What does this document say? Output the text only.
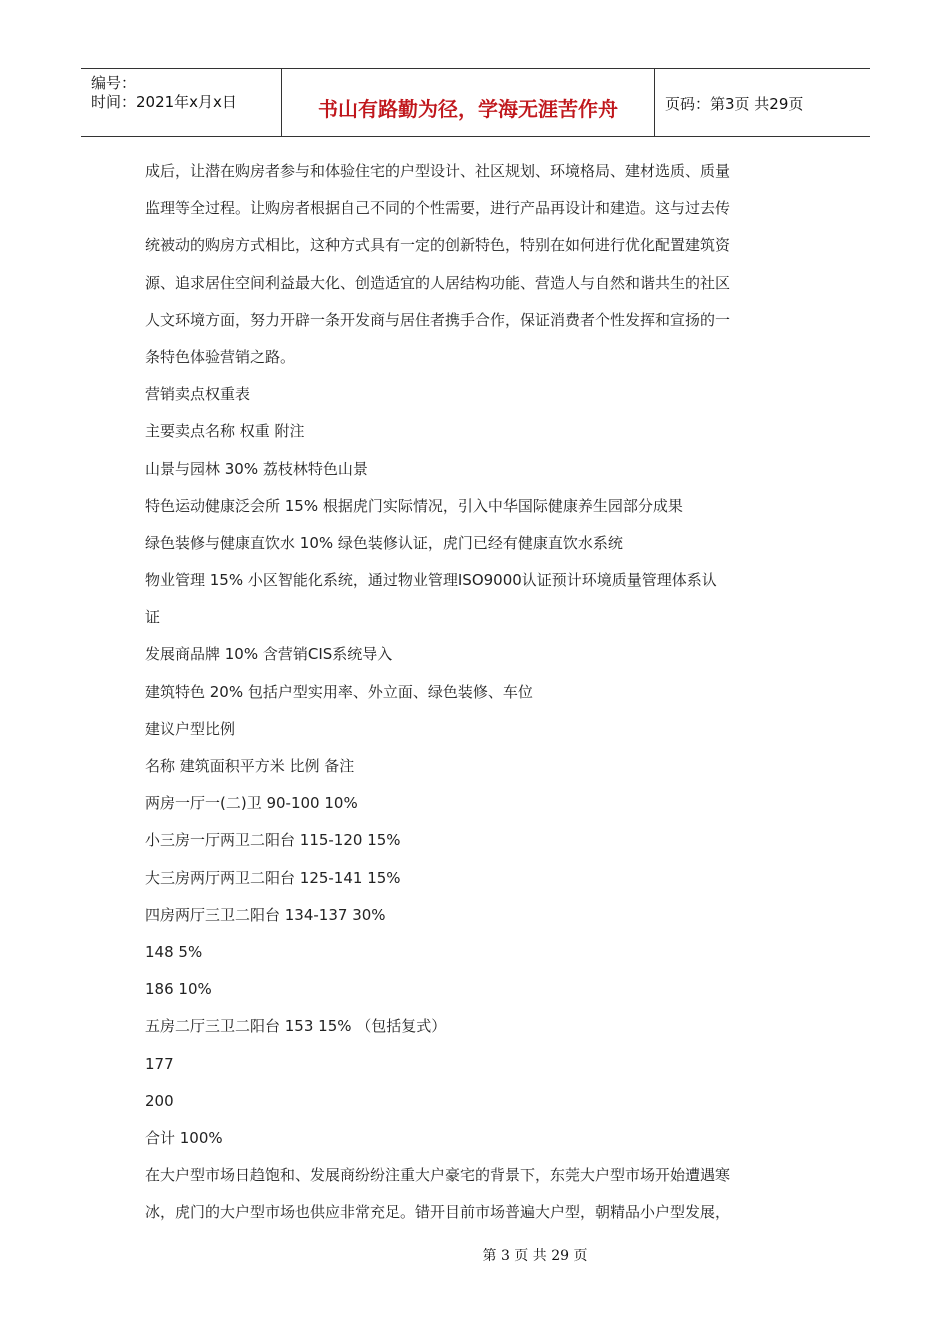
编号：
时间：2021年x月x日	书山有路勤为径，学海无涯苦作舟	页码：第3页 共29页
成后，让潜在购房者参与和体验住宅的户型设计、社区规划、环境格局、建材选质、质量
监理等全过程。让购房者根据自己不同的个性需要，进行产品再设计和建造。这与过去传
统被动的购房方式相比，这种方式具有一定的创新特色，特别在如何进行优化配置建筑资
源、追求居住空间利益最大化、创造适宜的人居结构功能、营造人与自然和谐共生的社区
人文环境方面，努力开辟一条开发商与居住者携手合作，保证消费者个性发挥和宣扬的一
条特色体验营销之路。
营销卖点权重表
主要卖点名称 权重 附注
山景与园林 30% 荔枝林特色山景
特色运动健康泛会所 15% 根据虎门实际情况，引入中华国际健康养生园部分成果
绿色装修与健康直饮水 10% 绿色装修认证，虎门已经有健康直饮水系统
物业管理 15% 小区智能化系统，通过物业管理ISO9000认证预计环境质量管理体系认
证
发展商品牌 10% 含营销CIS系统导入
建筑特色 20% 包括户型实用率、外立面、绿色装修、车位
建议户型比例
名称 建筑面积平方米 比例 备注
两房一厅一(二)卫 90-100 10%
小三房一厅两卫二阳台 115-120 15%
大三房两厅两卫二阳台 125-141 15%
四房两厅三卫二阳台 134-137 30%
148 5%
186 10%
五房二厅三卫二阳台 153 15% （包括复式）
177
200
合计 100%
在大户型市场日趋饱和、发展商纷纷注重大户豪宅的背景下，东莞大户型市场开始遭遇寒
冰，虎门的大户型市场也供应非常充足。错开目前市场普遍大户型，朝精品小户型发展，
第 3 页 共 29 页
